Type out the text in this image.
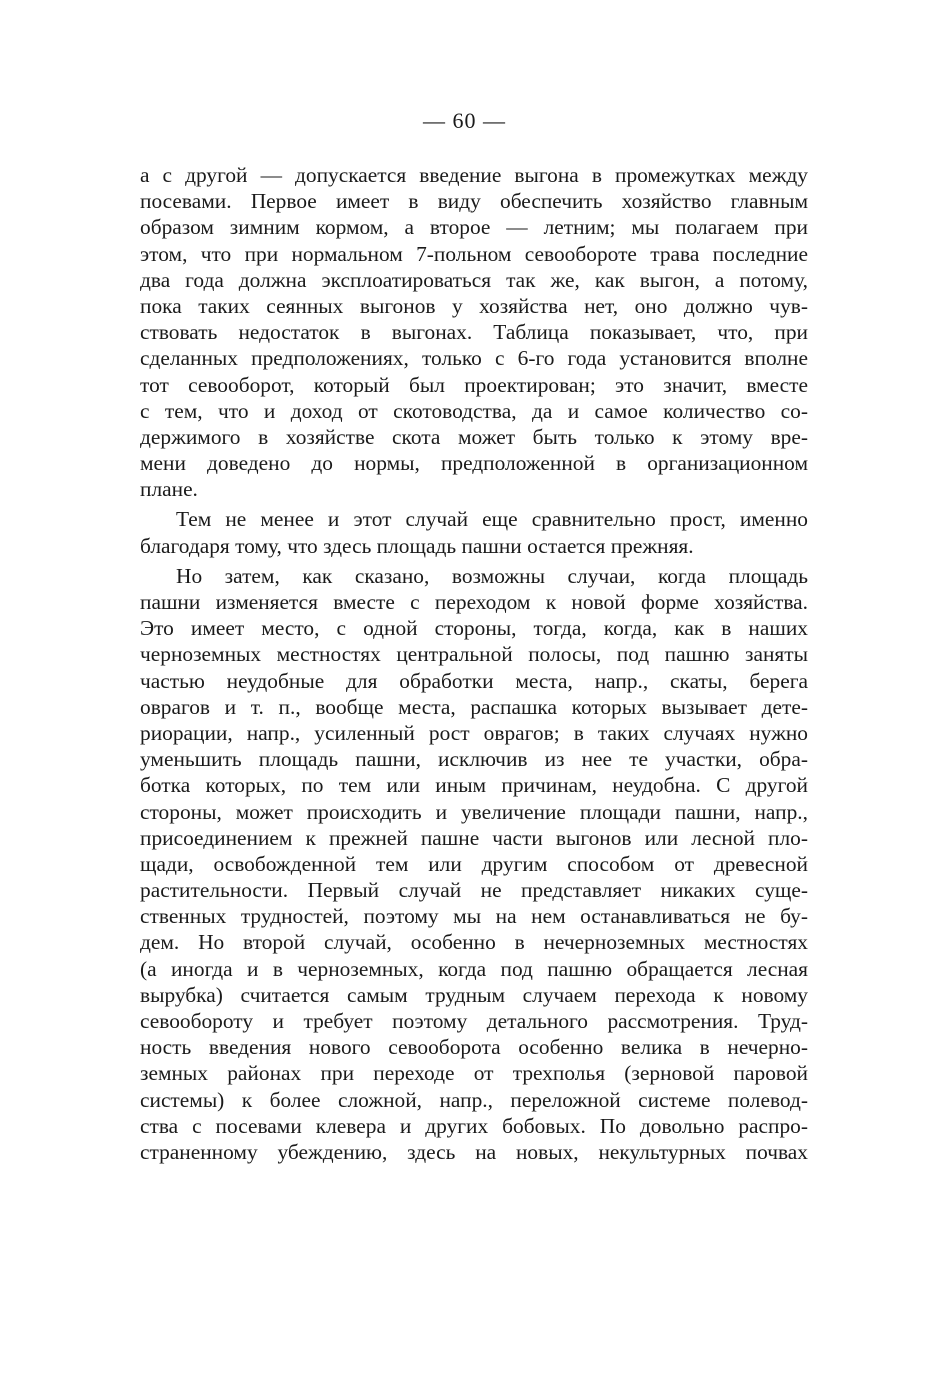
— 60 —
а с другой — допускается введение выгона в промежутках между
посевами. Первое имеет в виду обеспечить хозяйство главным
образом зимним кормом, а второе — летним; мы полагаем при
этом, что при нормальном 7-польном севообороте трава последние
два года должна эксплоатироваться так же, как выгон, а потому,
пока таких сеянных выгонов у хозяйства нет, оно должно чув-
ствовать недостаток в выгонах. Таблица показывает, что, при
сделанных предположениях, только с 6-го года установится вполне
тот севооборот, который был проектирован; это значит, вместе
с тем, что и доход от скотоводства, да и самое количество со-
держимого в хозяйстве скота может быть только к этому вре-
мени доведено до нормы, предположенной в организационном
плане.
Тем не менее и этот случай еще сравнительно прост, именно
благодаря тому, что здесь площадь пашни остается прежняя.
Но затем, как сказано, возможны случаи, когда площадь
пашни изменяется вместе с переходом к новой форме хозяйства.
Это имеет место, с одной стороны, тогда, когда, как в наших
черноземных местностях центральной полосы, под пашню заняты
частью неудобные для обработки места, напр., скаты, берега
оврагов и т. п., вообще места, распашка которых вызывает дете-
риорации, напр., усиленный рост оврагов; в таких случаях нужно
уменьшить площадь пашни, исключив из нее те участки, обра-
ботка которых, по тем или иным причинам, неудобна. С другой
стороны, может происходить и увеличение площади пашни, напр.,
присоединением к прежней пашне части выгонов или лесной пло-
щади, освобожденной тем или другим способом от древесной
растительности. Первый случай не представляет никаких суще-
ственных трудностей, поэтому мы на нем останавливаться не бу-
дем. Но второй случай, особенно в нечерноземных местностях
(а иногда и в черноземных, когда под пашню обращается лесная
вырубка) считается самым трудным случаем перехода к новому
севообороту и требует поэтому детального рассмотрения. Труд-
ность введения нового севооборота особенно велика в нечерно-
земных районах при переходе от трехполья (зерновой паровой
системы) к более сложной, напр., переложной системе полевод-
ства с посевами клевера и других бобовых. По довольно распро-
страненному убеждению, здесь на новых, некультурных почвах
